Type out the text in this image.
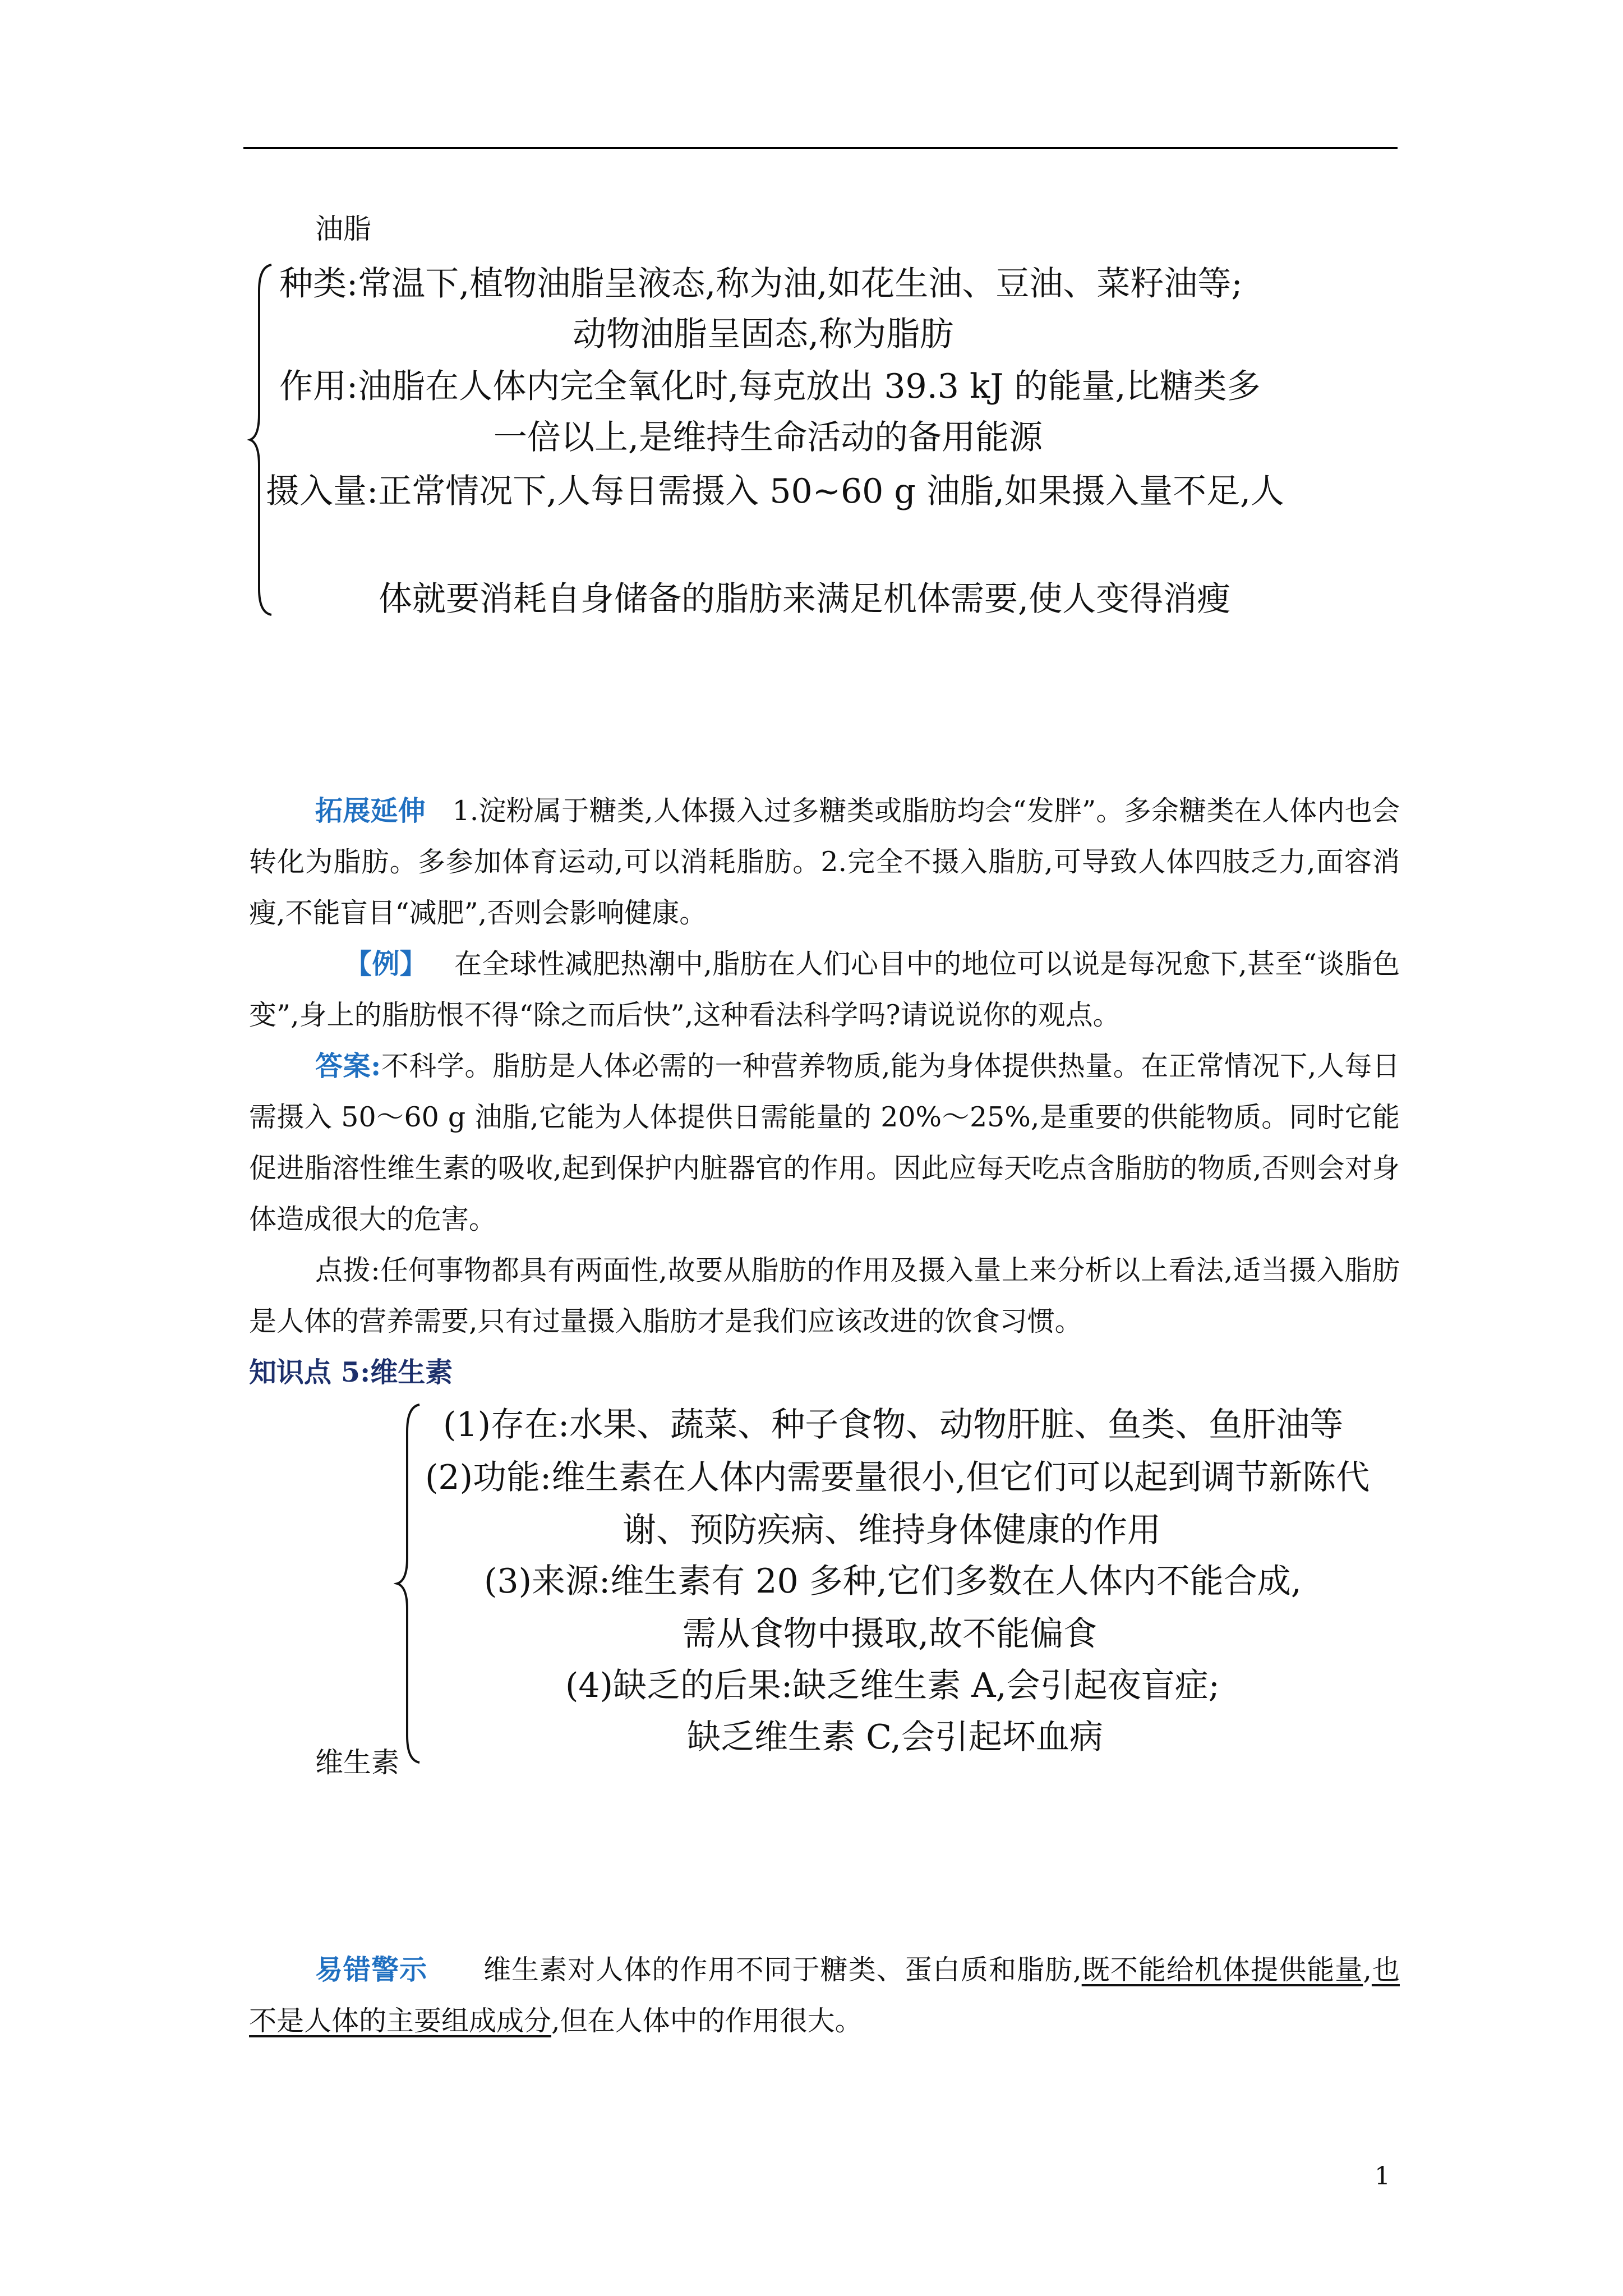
油脂
种类:常温下,植物油脂呈液态,称为油,如花生油、豆油、菜籽油等;
动物油脂呈固态,称为脂肪
作用:油脂在人体内完全氧化时,每克放出 39.3 kJ 的能量,比糖类多
一倍以上,是维持生命活动的备用能源
摄入量:正常情况下,人每日需摄入 50~60 g 油脂,如果摄入量不足,人
体就要消耗自身储备的脂肪来满足机体需要,使人变得消瘦

拓展延伸 1.淀粉属于糖类,人体摄入过多糖类或脂肪均会“发胖”。多余糖类在人体内也会转化为脂肪。多参加体育运动,可以消耗脂肪。2.完全不摄入脂肪,可导致人体四肢乏力,面容消瘦,不能盲目“减肥”,否则会影响健康。

【例】 在全球性减肥热潮中,脂肪在人们心目中的地位可以说是每况愈下,甚至“谈脂色变”,身上的脂肪恨不得“除之而后快”,这种看法科学吗?请说说你的观点。

答案:不科学。脂肪是人体必需的一种营养物质,能为身体提供热量。在正常情况下,人每日需摄入 50～60 g 油脂,它能为人体提供日需能量的 20%～25%,是重要的供能物质。同时它能促进脂溶性维生素的吸收,起到保护内脏器官的作用。因此应每天吃点含脂肪的物质,否则会对身体造成很大的危害。

点拨:任何事物都具有两面性,故要从脂肪的作用及摄入量上来分析以上看法,适当摄入脂肪是人体的营养需要,只有过量摄入脂肪才是我们应该改进的饮食习惯。

知识点 5:维生素

(1)存在:水果、蔬菜、种子食物、动物肝脏、鱼类、鱼肝油等
(2)功能:维生素在人体内需要量很小,但它们可以起到调节新陈代
谢、预防疾病、维持身体健康的作用
(3)来源:维生素有 20 多种,它们多数在人体内不能合成,
需从食物中摄取,故不能偏食
(4)缺乏的后果:缺乏维生素 A,会引起夜盲症;
缺乏维生素 C,会引起坏血病
维生素

易错警示 维生素对人体的作用不同于糖类、蛋白质和脂肪,既不能给机体提供能量,也不是人体的主要组成成分,但在人体中的作用很大。

1
